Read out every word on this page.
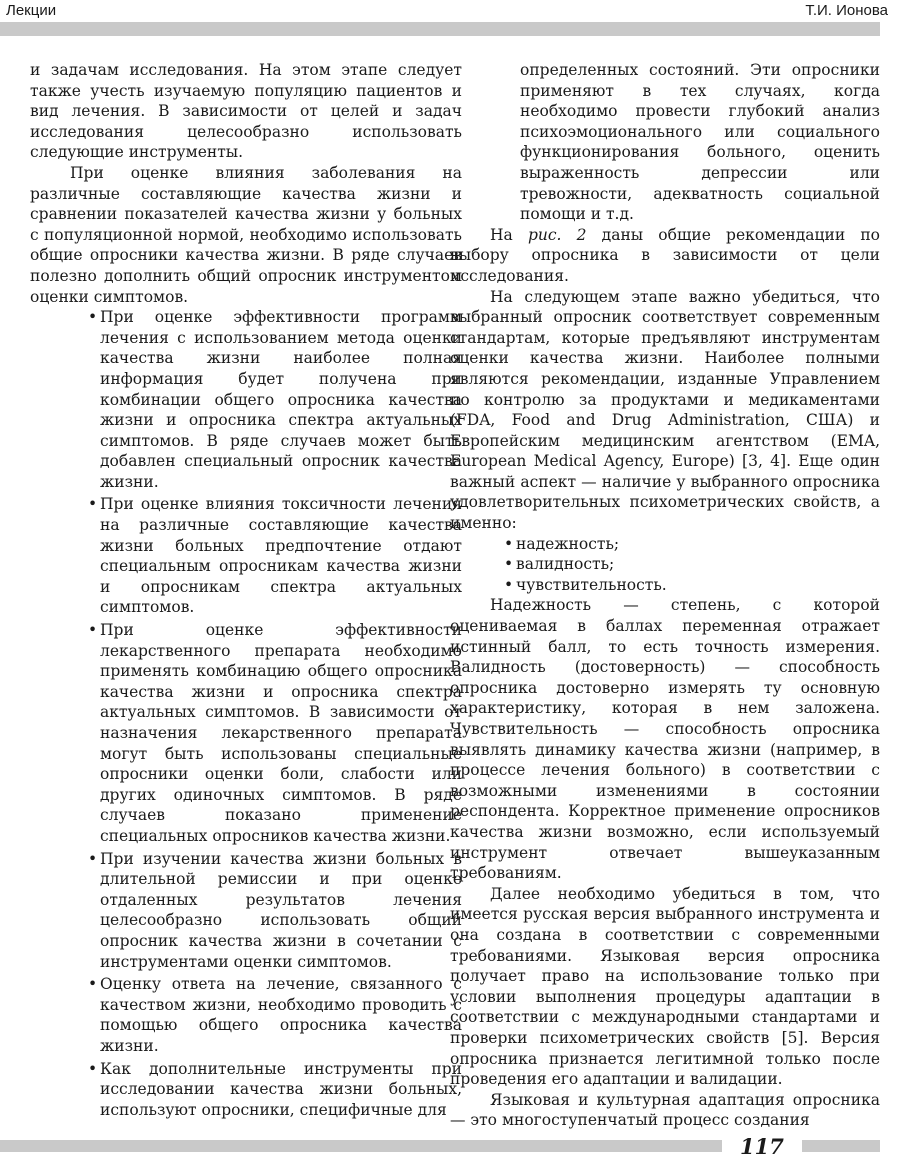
Лекции	Т.И. Ионова

и задачам исследования. На этом этапе следует также учесть изучаемую популяцию пациентов и вид лечения. В зависимости от целей и задач исследования целесообразно использовать следующие инструменты.

При оценке влияния заболевания на различные составляющие качества жизни и сравнении показателей качества жизни у больных с популяционной нормой, необходимо использовать общие опросники качества жизни. В ряде случаев полезно дополнить общий опросник инструментом оценки симптомов.

• При оценке эффективности программ лечения с использованием метода оценки качества жизни наиболее полная информация будет получена при комбинации общего опросника качества жизни и опросника спектра актуальных симптомов. В ряде случаев может быть добавлен специальный опросник качества жизни.
• При оценке влияния токсичности лечения на различные составляющие качества жизни больных предпочтение отдают специальным опросникам качества жизни и опросникам спектра актуальных симптомов.
• При оценке эффективности лекарственного препарата необходимо применять комбинацию общего опросника качества жизни и опросника спектра актуальных симптомов. В зависимости от назначения лекарственного препарата могут быть использованы специальные опросники оценки боли, слабости или других одиночных симптомов. В ряде случаев показано применение специальных опросников качества жизни.
• При изучении качества жизни больных в длительной ремиссии и при оценке отдаленных результатов лечения целесообразно использовать общий опросник качества жизни в сочетании с инструментами оценки симптомов.
• Оценку ответа на лечение, связанного с качеством жизни, необходимо проводить с помощью общего опросника качества жизни.
• Как дополнительные инструменты при исследовании качества жизни больных, используют опросники, специфичные для

определенных состояний. Эти опросники применяют в тех случаях, когда необходимо провести глубокий анализ психоэмоционального или социального функционирования больного, оценить выраженность депрессии или тревожности, адекватность социальной помощи и т.д.

На рис. 2 даны общие рекомендации по выбору опросника в зависимости от цели исследования.

На следующем этапе важно убедиться, что выбранный опросник соответствует современным стандартам, которые предъявляют инструментам оценки качества жизни. Наиболее полными являются рекомендации, изданные Управлением по контролю за продуктами и медикаментами (FDA, Food and Drug Administration, США) и Европейским медицинским агентством (EMA, European Medical Agency, Europe) [3, 4]. Еще один важный аспект — наличие у выбранного опросника удовлетворительных психометрических свойств, а именно:

• надежность;
• валидность;
• чувствительность.

Надежность — степень, с которой оцениваемая в баллах переменная отражает истинный балл, то есть точность измерения. Валидность (достоверность) — способность опросника достоверно измерять ту основную характеристику, которая в нем заложена. Чувствительность — способность опросника выявлять динамику качества жизни (например, в процессе лечения больного) в соответствии с возможными изменениями в состоянии респондента. Корректное применение опросников качества жизни возможно, если используемый инструмент отвечает вышеуказанным требованиям.

Далее необходимо убедиться в том, что имеется русская версия выбранного инструмента и она создана в соответствии с современными требованиями. Языковая версия опросника получает право на использование только при условии выполнения процедуры адаптации в соответствии с международными стандартами и проверки психометрических свойств [5]. Версия опросника признается легитимной только после проведения его адаптации и валидации.

Языковая и культурная адаптация опросника — это многоступенчатый процесс создания

117
